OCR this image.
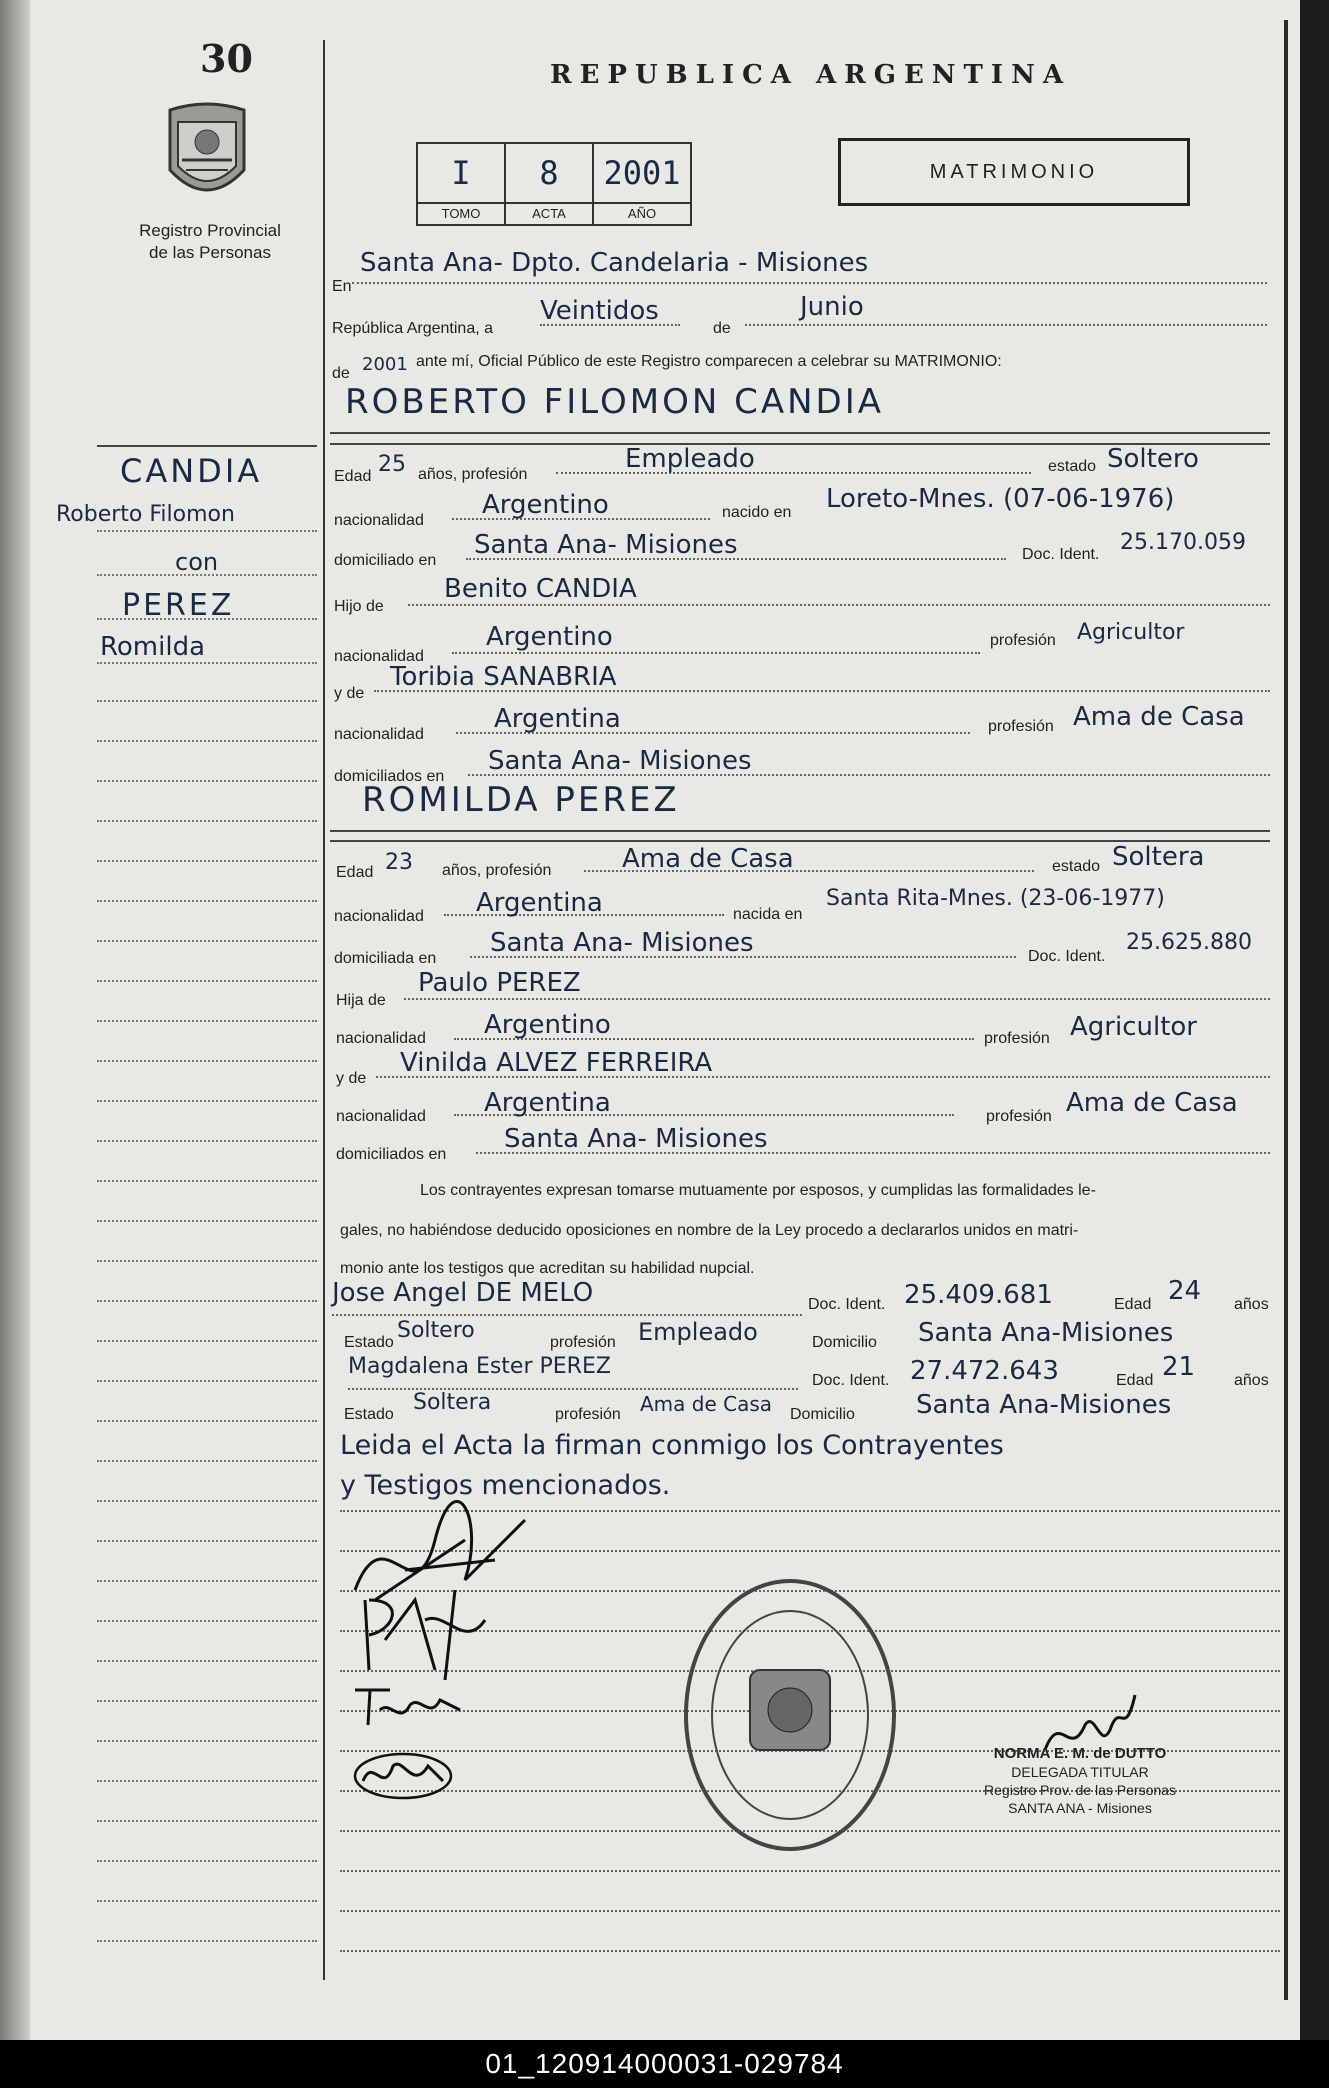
30
Registro Provincial
de las Personas
REPUBLICA ARGENTINA
I
TOMO
8
ACTA
2001
AÑO
MATRIMONIO
En
Santa Ana- Dpto. Candelaria - Misiones
República Argentina, a
Veintidos
de
Junio
de 2001 ante mí, Oficial Público de este Registro comparecen a celebrar su MATRIMONIO:
ROBERTO FILOMON CANDIA
Edad 25 años, profesión
Empleado	estado Soltero
nacionalidad
Argentino	nacido en Loreto-Mnes. (07-06-1976)
domiciliado en
Santa Ana- Misiones	Doc. Ident. 25.170.059
Hijo de
Benito CANDIA
nacionalidad
Argentino	profesión Agricultor
y de
Toribia SANABRIA
nacionalidad
Argentina	profesión Ama de Casa
domiciliados en
Santa Ana- Misiones
ROMILDA PEREZ
Edad 23 años, profesión	Ama de Casa	estado Soltera
nacionalidad Argentina	nacida en
Santa Rita-Mnes. (23-06-1977)
domiciliada en
Santa Ana- Misiones	Doc. Ident.
25.625.880
Hija de
Paulo PEREZ
nacionalidad Argentino	profesión Agricultor
y de
Vinilda ALVEZ FERREIRA
nacionalidad Argentina	profesión Ama de Casa
domiciliados en
Santa Ana- Misiones
Los contrayentes expresan tomarse mutuamente por esposos, y cumplidas las formalidades le-
gales, no habiéndose deducido oposiciones en nombre de la Ley procedo a declararlos unidos en matri-
monio ante los testigos que acreditan su habilidad nupcial.
Jose Angel DE MELO	Doc. Ident. 25.409.681	Edad 24 años
Estado Soltero	profesión Empleado	Domicilio Santa Ana-Misiones
Magdalena Ester PEREZ
Doc. Ident. 27.472.643	Edad 21 años
Estado Soltera	profesión Ama de Casa Domicilio Santa Ana-Misiones
Leida el Acta la firman conmigo los Contrayentes
y Testigos mencionados.
NORMA E. M. de DUTTO
DELEGADA TITULAR
Registro Prov. de las Personas
SANTA ANA - Misiones
CANDIA
Roberto Filomon
con
PEREZ
Romilda
01_120914000031-029784
